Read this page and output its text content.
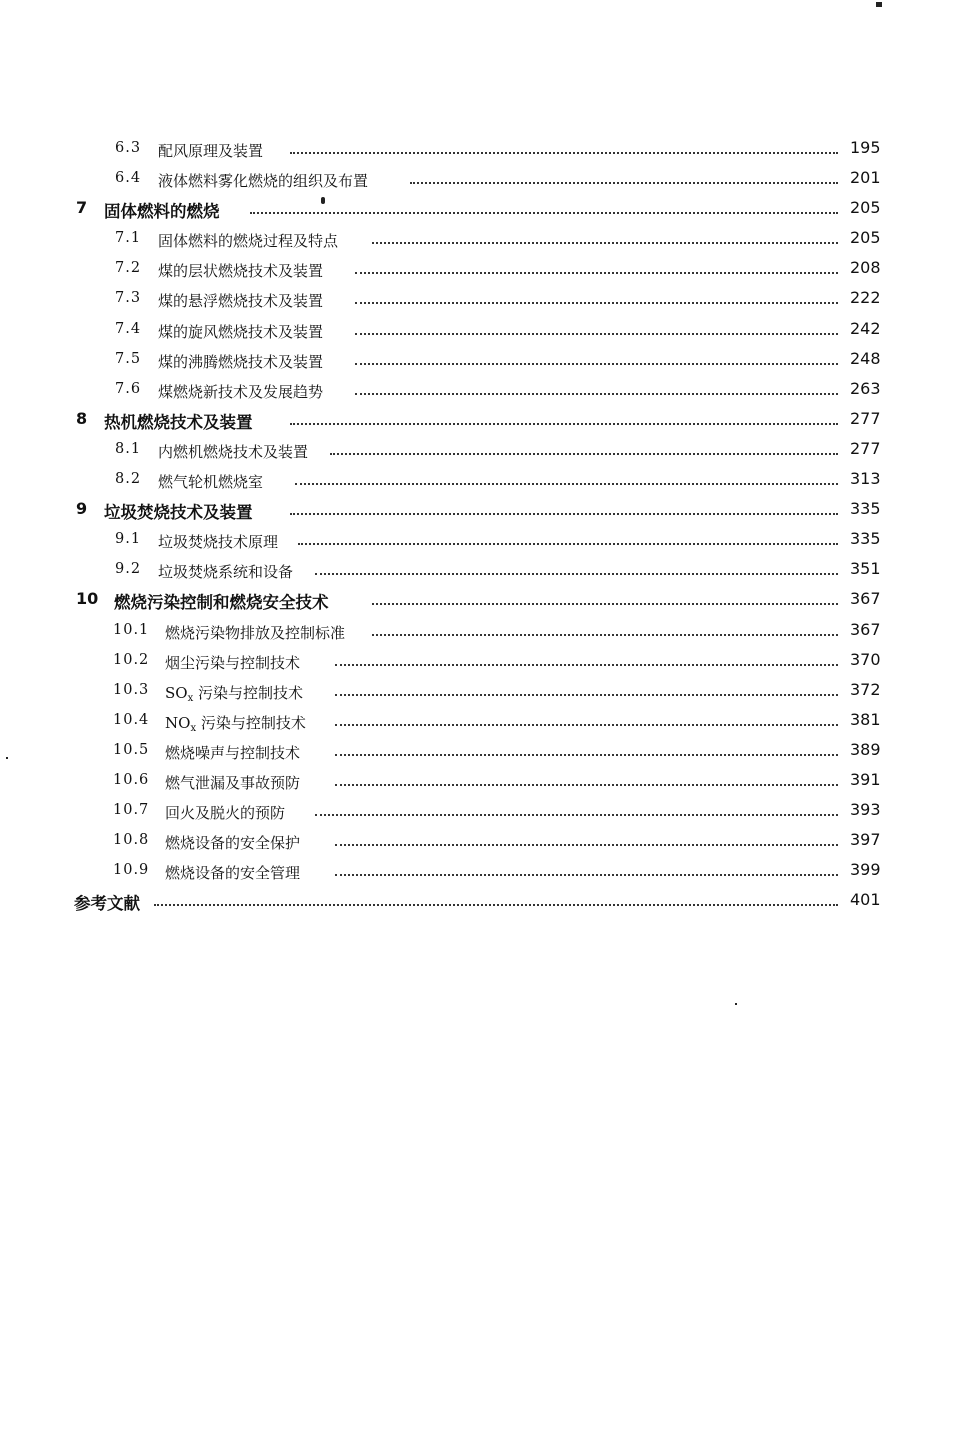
6.3 配风原理及装置	195
6.4 液体燃料雾化燃烧的组织及布置	201
7 固体燃料的燃烧	205
7.1 固体燃料的燃烧过程及特点	205
7.2 煤的层状燃烧技术及装置	208
7.3 煤的悬浮燃烧技术及装置	222
7.4 煤的旋风燃烧技术及装置	242
7.5 煤的沸腾燃烧技术及装置	248
7.6 煤燃烧新技术及发展趋势	263
8 热机燃烧技术及装置	277
8.1 内燃机燃烧技术及装置	277
8.2 燃气轮机燃烧室	313
9 垃圾焚烧技术及装置	335
9.1 垃圾焚烧技术原理	335
9.2 垃圾焚烧系统和设备	351
10 燃烧污染控制和燃烧安全技术	367
10.1 燃烧污染物排放及控制标准	367
10.2 烟尘污染与控制技术	370
10.3 $SO_x$ 污染与控制技术	372
10.4 $NO_x$ 污染与控制技术	381
10.5 燃烧噪声与控制技术	389
10.6 燃气泄漏及事故预防	391
10.7 回火及脱火的预防	393
10.8 燃烧设备的安全保护	397
10.9 燃烧设备的安全管理	399
参考文献	401
